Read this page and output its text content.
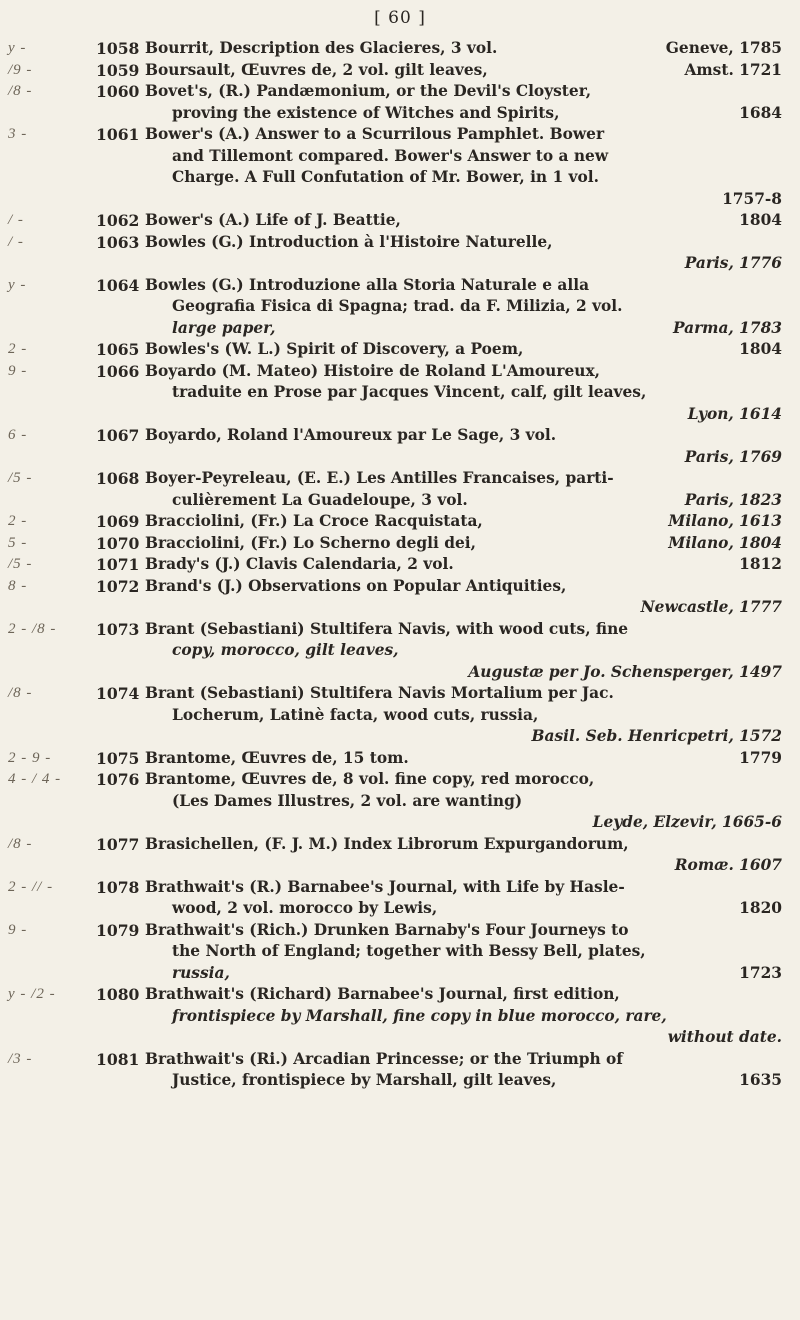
[ 60 ]
y -	1058 Bourrit, Description des Glacieres, 3 vol.	Geneve, 1785
/9 -	1059 Boursault, Œuvres de, 2 vol. gilt leaves,	Amst. 1721
/8 -	1060 Bovet's, (R.) Pandæmonium, or the Devil's Cloyster,
proving the existence of Witches and Spirits,	1684
3 -	1061 Bower's (A.) Answer to a Scurrilous Pamphlet. Bower
and Tillemont compared. Bower's Answer to a new
Charge. A Full Confutation of Mr. Bower, in 1 vol.
1757-8
/ -	1062 Bower's (A.) Life of J. Beattie,	1804
/ -	1063 Bowles (G.) Introduction à l'Histoire Naturelle,
Paris, 1776
y -	1064 Bowles (G.) Introduzione alla Storia Naturale e alla
Geografia Fisica di Spagna; trad. da F. Milizia, 2 vol.
large paper,	Parma, 1783
2 -	1065 Bowles's (W. L.) Spirit of Discovery, a Poem,	1804
9 -	1066 Boyardo (M. Mateo) Histoire de Roland L'Amoureux,
traduite en Prose par Jacques Vincent, calf, gilt leaves,
Lyon, 1614
6 -	1067 Boyardo, Roland l'Amoureux par Le Sage, 3 vol.
Paris, 1769
/5 -	1068 Boyer-Peyreleau, (E. E.) Les Antilles Francaises, parti-
culièrement La Guadeloupe, 3 vol.	Paris, 1823
2 -	1069 Bracciolini, (Fr.) La Croce Racquistata,	Milano, 1613
5 -	1070 Bracciolini, (Fr.) Lo Scherno degli dei,	Milano, 1804
/5 -	1071 Brady's (J.) Clavis Calendaria, 2 vol.	1812
8 -	1072 Brand's (J.) Observations on Popular Antiquities,
Newcastle, 1777
2 - /8 -	1073 Brant (Sebastiani) Stultifera Navis, with wood cuts, fine
copy, morocco, gilt leaves,
Augustæ per Jo. Schensperger, 1497
/8 -	1074 Brant (Sebastiani) Stultifera Navis Mortalium per Jac.
Locherum, Latinè facta, wood cuts, russia,
Basil. Seb. Henricpetri, 1572
2 - 9 -	1075 Brantome, Œuvres de, 15 tom.	1779
4 - / 4 -	1076 Brantome, Œuvres de, 8 vol. fine copy, red morocco,
(Les Dames Illustres, 2 vol. are wanting)
Leyde, Elzevir, 1665-6
/8 -	1077 Brasichellen, (F. J. M.) Index Librorum Expurgandorum,
Romæ. 1607
2 - // -	1078 Brathwait's (R.) Barnabee's Journal, with Life by Hasle-
wood, 2 vol. morocco by Lewis,	1820
9 -	1079 Brathwait's (Rich.) Drunken Barnaby's Four Journeys to
the North of England; together with Bessy Bell, plates,
russia,	1723
y - /2 -	1080 Brathwait's (Richard) Barnabee's Journal, first edition,
frontispiece by Marshall, fine copy in blue morocco, rare,
without date.
/3 -	1081 Brathwait's (Ri.) Arcadian Princesse; or the Triumph of
Justice, frontispiece by Marshall, gilt leaves,	1635
